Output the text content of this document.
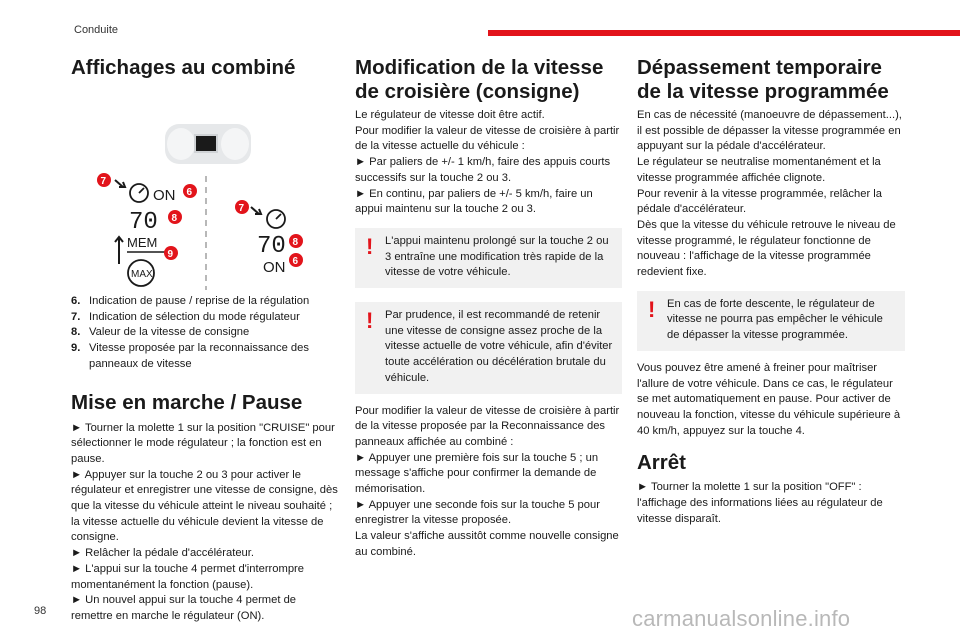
Conduite
Affichages au combiné
ON
70
MEM
MAX
7
6
8
9	70
ON
7
8
6
6. Indication de pause / reprise de la régulation
7. Indication de sélection du mode régulateur
8. Valeur de la vitesse de consigne
9. Vitesse proposée par la reconnaissance des panneaux de vitesse
Mise en marche / Pause

► Tourner la molette 1 sur la position "CRUISE" pour sélectionner le mode régulateur ; la fonction est en pause.

► Appuyer sur la touche 2 ou 3 pour activer le régulateur et enregistrer une vitesse de consigne, dès que la vitesse du véhicule atteint le niveau souhaité ; la vitesse actuelle du véhicule devient la vitesse de consigne.

► Relâcher la pédale d'accélérateur.

► L'appui sur la touche 4 permet d'interrompre momentanément la fonction (pause).

► Un nouvel appui sur la touche 4 permet de remettre en marche le régulateur (ON).

Modification de la vitesse de croisière (consigne)

Le régulateur de vitesse doit être actif.

Pour modifier la valeur de vitesse de croisière à partir de la vitesse actuelle du véhicule :

► Par paliers de +/- 1 km/h, faire des appuis courts successifs sur la touche 2 ou 3.

► En continu, par paliers de +/- 5 km/h, faire un appui maintenu sur la touche 2 ou 3.

! L'appui maintenu prolongé sur la touche 2 ou 3 entraîne une modification très rapide de la vitesse de votre véhicule.

! Par prudence, il est recommandé de retenir une vitesse de consigne assez proche de la vitesse actuelle de votre véhicule, afin d'éviter toute accélération ou décélération brutale du véhicule.

Pour modifier la valeur de vitesse de croisière à partir de la vitesse proposée par la Reconnaissance des panneaux affichée au combiné :

► Appuyer une première fois sur la touche 5 ; un message s'affiche pour confirmer la demande de mémorisation.

► Appuyer une seconde fois sur la touche 5 pour enregistrer la vitesse proposée.

La valeur s'affiche aussitôt comme nouvelle consigne au combiné.

Dépassement temporaire de la vitesse programmée

En cas de nécessité (manoeuvre de dépassement...), il est possible de dépasser la vitesse programmée en appuyant sur la pédale d'accélérateur.

Le régulateur se neutralise momentanément et la vitesse programmée affichée clignote.

Pour revenir à la vitesse programmée, relâcher la pédale d'accélérateur.

Dès que la vitesse du véhicule retrouve le niveau de vitesse programmé, le régulateur fonctionne de nouveau : l'affichage de la vitesse programmée redevient fixe.

! En cas de forte descente, le régulateur de vitesse ne pourra pas empêcher le véhicule de dépasser la vitesse programmée.

Vous pouvez être amené à freiner pour maîtriser l'allure de votre véhicule. Dans ce cas, le régulateur se met automatiquement en pause. Pour activer de nouveau la fonction, vitesse du véhicule supérieure à 40 km/h, appuyez sur la touche 4.

Arrêt

► Tourner la molette 1 sur la position "OFF" : l'affichage des informations liées au régulateur de vitesse disparaît.

98	carmanualsonline.info
